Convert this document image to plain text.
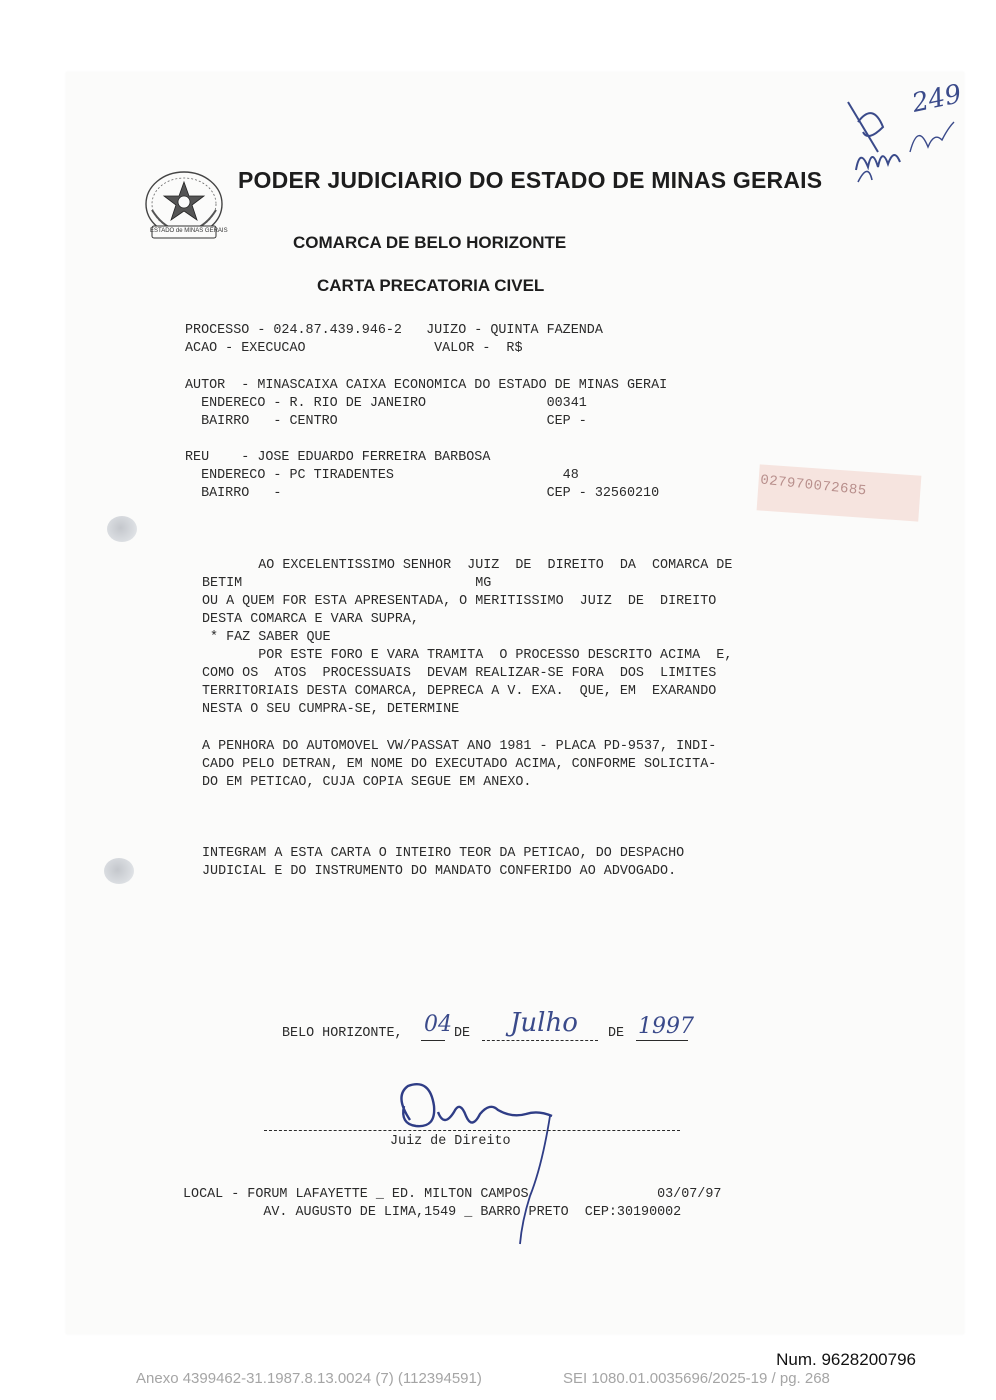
ESTADO de MINAS GERAIS
PODER JUDICIARIO DO ESTADO DE MINAS GERAIS
COMARCA DE BELO HORIZONTE
CARTA PRECATORIA CIVEL
249
PROCESSO - 024.87.439.946-2   JUIZO - QUINTA FAZENDA
ACAO - EXECUCAO                VALOR -  R$
AUTOR  - MINASCAIXA CAIXA ECONOMICA DO ESTADO DE MINAS GERAI
ENDERECO - R. RIO DE JANEIRO               00341
BAIRRO   - CENTRO                          CEP -
REU    - JOSE EDUARDO FERREIRA BARBOSA
ENDERECO - PC TIRADENTES                     48
BAIRRO   -                                 CEP - 32560210	027970072685
AO EXCELENTISSIMO SENHOR  JUIZ  DE  DIREITO  DA  COMARCA DE
BETIM                             MG
OU A QUEM FOR ESTA APRESENTADA, O MERITISSIMO  JUIZ  DE  DIREITO
DESTA COMARCA E VARA SUPRA,
* FAZ SABER QUE
POR ESTE FORO E VARA TRAMITA  O PROCESSO DESCRITO ACIMA  E,
COMO OS  ATOS  PROCESSUAIS  DEVAM REALIZAR-SE FORA  DOS  LIMITES
TERRITORIAIS DESTA COMARCA, DEPRECA A V. EXA.  QUE, EM  EXARANDO
NESTA O SEU CUMPRA-SE, DETERMINE
A PENHORA DO AUTOMOVEL VW/PASSAT ANO 1981 - PLACA PD-9537, INDI-
CADO PELO DETRAN, EM NOME DO EXECUTADO ACIMA, CONFORME SOLICITA-
DO EM PETICAO, CUJA COPIA SEGUE EM ANEXO.
INTEGRAM A ESTA CARTA O INTEIRO TEOR DA PETICAO, DO DESPACHO
JUDICIAL E DO INSTRUMENTO DO MANDATO CONFERIDO AO ADVOGADO.
BELO HORIZONTE, 04 DE Julho DE 1997
Juiz de Direito
LOCAL - FORUM LAFAYETTE _ ED. MILTON CAMPOS                03/07/97
AV. AUGUSTO DE LIMA,1549 _ BARRO PRETO  CEP:30190002
Num. 9628200796
Anexo 4399462-31.1987.8.13.0024 (7) (112394591)	SEI 1080.01.0035696/2025-19 / pg. 268
